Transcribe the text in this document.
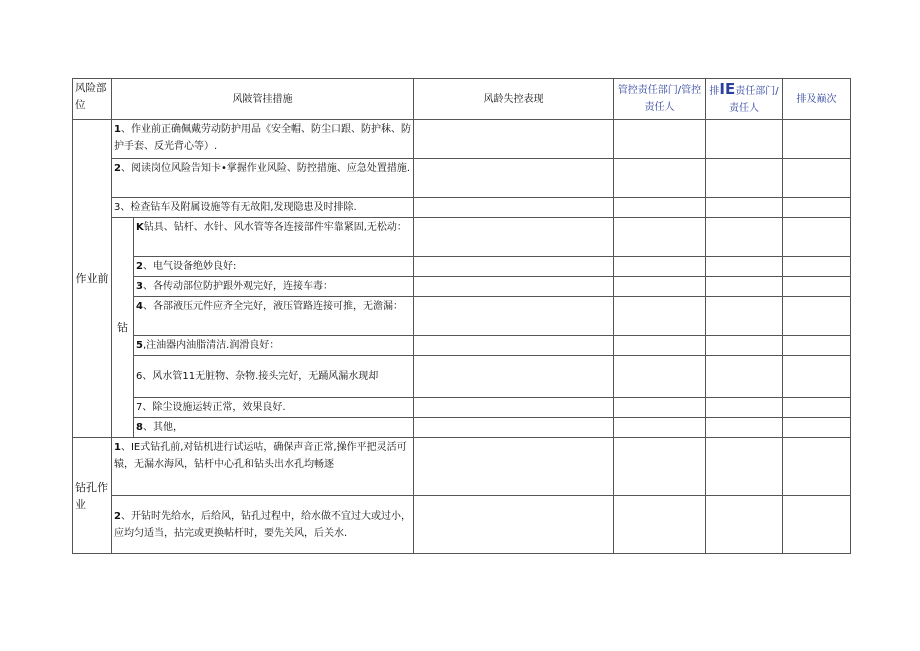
风险部位	风陂管挂措施		风龄失控表现	管控责任部门/管控责任人	排IE责任部门/责任人	排及巅次
作业前	1、作业前正确佩戴劳动防护用品《安全帽、防尘口跟、防护秣、防护手套、反光背心等）.					
	2、阅读岗位风险告知卡•掌握作业风险、防控措施、应急处置措施.					
	3、检查钻车及附属设施等有无故阳,发现隐患及时排除.					
	钻	K钻具、钻杆、水针、风水管等各连接部件牢靠紧固,无松动：				
		2、电气设备绝妙良好:				
		3、各传动部位防护跟外观完好，连接车毒：				
		4、各部液压元件应齐全完好，液压管路连接可推，无澹漏：				
		5,注油器内油脂清洁.润滑良好：				
		6、风水管11无脏物、杂物.接头完好，无踊风漏水现却				
		7、除尘设施运转正常，效果良好.				
		8、其他，				
钻孔作业	1、IE式钻孔前,对钻机进行试运咕，确保声音正常,操作平把灵活可辕，无漏水海风，钻杆中心孔和钻头出水孔均畅逐					
	2、开钻时先给水，后给风，钻孔过程中，给水做不宜过大或过小，应均匀适当，拈完或更换帖杆时，要先关风，后关水.					
